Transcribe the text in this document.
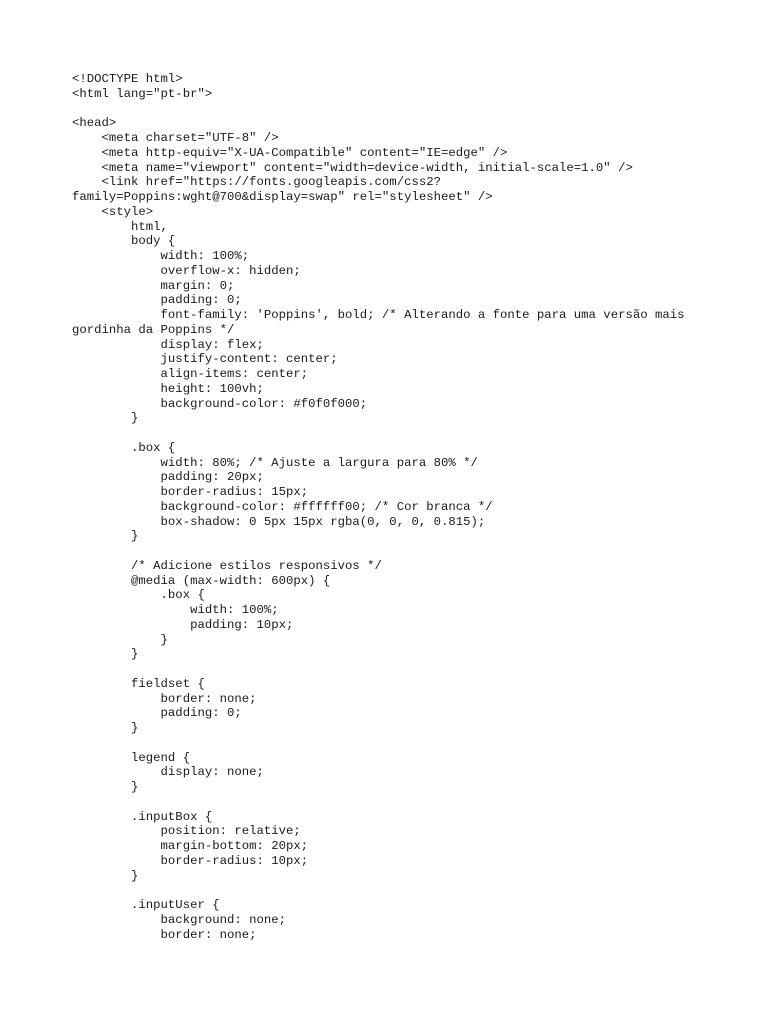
<!DOCTYPE html>
<html lang="pt-br">
<head>
<meta charset="UTF-8" />
<meta http-equiv="X-UA-Compatible" content="IE=edge" />
<meta name="viewport" content="width=device-width, initial-scale=1.0" />
<link href="https://fonts.googleapis.com/css2?
family=Poppins:wght@700&display=swap" rel="stylesheet" />
<style>
html,
body {
width: 100%;
overflow-x: hidden;
margin: 0;
padding: 0;
font-family: 'Poppins', bold; /* Alterando a fonte para uma versão mais
gordinha da Poppins */
display: flex;
justify-content: center;
align-items: center;
height: 100vh;
background-color: #f0f0f000;
}
.box {
width: 80%; /* Ajuste a largura para 80% */
padding: 20px;
border-radius: 15px;
background-color: #ffffff00; /* Cor branca */
box-shadow: 0 5px 15px rgba(0, 0, 0, 0.815);
}
/* Adicione estilos responsivos */
@media (max-width: 600px) {
.box {
width: 100%;
padding: 10px;
}
}
fieldset {
border: none;
padding: 0;
}
legend {
display: none;
}
.inputBox {
position: relative;
margin-bottom: 20px;
border-radius: 10px;
}
.inputUser {
background: none;
border: none;
